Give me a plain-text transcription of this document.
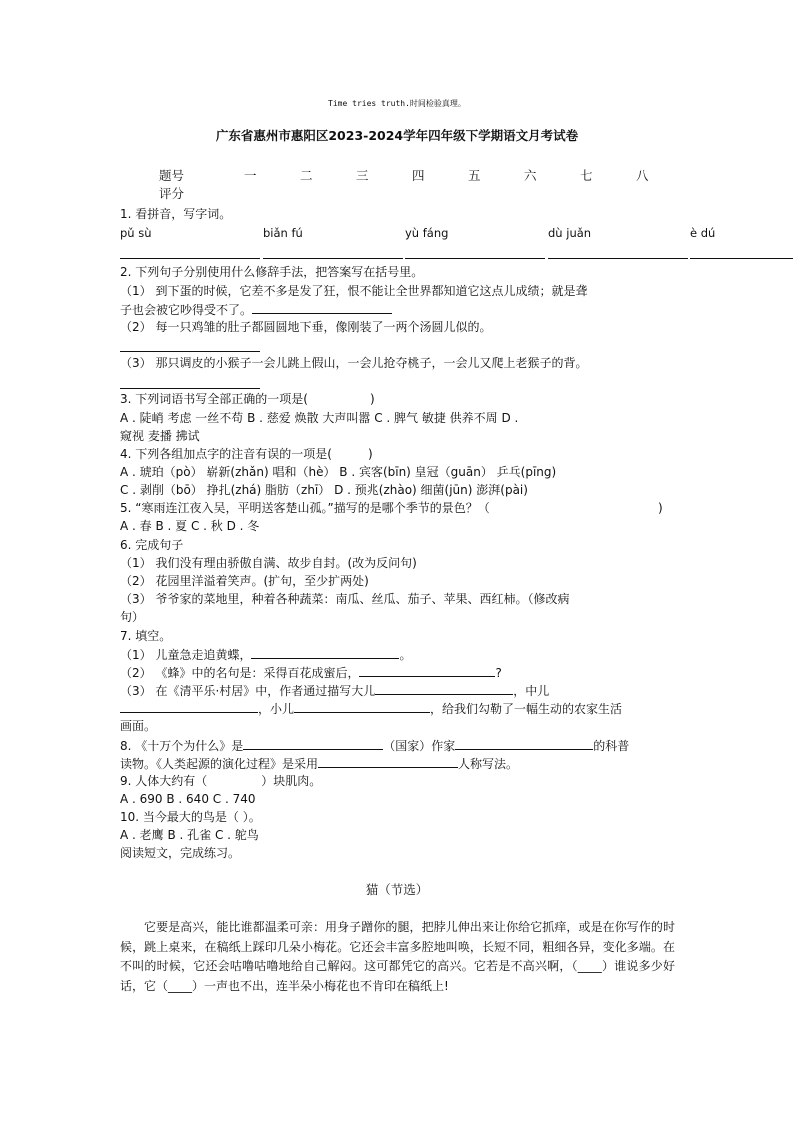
Time tries truth.时间检验真理。
广东省惠州市惠阳区2023-2024学年四年级下学期语文月考试卷
题号	一	二	三	四	五	六	七	八
评分
1. 看拼音，写字词。
pǔ sù	biǎn fú	yù fáng	dù juǎn	è dú
2. 下列句子分别使用什么修辞手法，把答案写在括号里。
（1） 到下蛋的时候，它差不多是发了狂，恨不能让全世界都知道它这点儿成绩；就是聋
子也会被它吵得受不了。
（2） 每一只鸡雏的肚子都圆圆地下垂，像刚装了一两个汤圆儿似的。
（3） 那只调皮的小猴子一会儿跳上假山，一会儿抢夺桃子，一会儿又爬上老猴子的背。
3. 下列词语书写全部正确的一项是(	)
A . 陡峭 考虑 一丝不苟 B . 慈爱 焕散 大声叫嚣 C . 脾气 敏捷 供养不周 D .
窥视 麦播 拂试
4. 下列各组加点字的注音有误的一项是(	)
A . 琥珀（pò） 崭新(zhǎn) 唱和（hè） B . 宾客(bīn) 皇冠（guān） 乒乓(pīng)
C . 剥削（bō） 挣扎(zhá) 脂肪（zhī） D . 预兆(zhào) 细菌(jūn) 澎湃(pài)
5. “寒雨连江夜入吴，平明送客楚山孤。”描写的是哪个季节的景色？（	)
A . 春 B . 夏 C . 秋 D . 冬
6. 完成句子
（1） 我们没有理由骄傲自满、故步自封。(改为反问句)
（2） 花园里洋溢着笑声。(扩句，至少扩两处)
（3） 爷爷家的菜地里，种着各种蔬菜：南瓜、丝瓜、茄子、苹果、西红柿。（修改病
句）
7. 填空。
（1） 儿童急走追黄蝶，	。
（2） 《蜂》中的名句是：采得百花成蜜后，	?
（3） 在《清平乐·村居》中，作者通过描写大儿	，中儿
，小儿	，给我们勾勒了一幅生动的农家生活
画面。
8. 《十万个为什么》是	（国家）作家	的科普
读物。《人类起源的演化过程》是采用	人称写法。
9. 人体大约有（	）块肌肉。
A . 690 B . 640 C . 740
10. 当今最大的鸟是（ ）。
A . 老鹰 B . 孔雀 C . 鸵鸟
阅读短文，完成练习。
猫（节选）
它要是高兴，能比谁都温柔可亲：用身子蹭你的腿，把脖儿伸出来让你给它抓痒，或是在你写作的时候，跳上桌来，在稿纸上踩印几朵小梅花。它还会丰富多腔地叫唤，长短不同，粗细各异，变化多端。在不叫的时候，它还会咕噜咕噜地给自己解闷。这可都凭它的高兴。它若是不高兴啊，（____）谁说多少好话，它（____）一声也不出，连半朵小梅花也不肯印在稿纸上!
